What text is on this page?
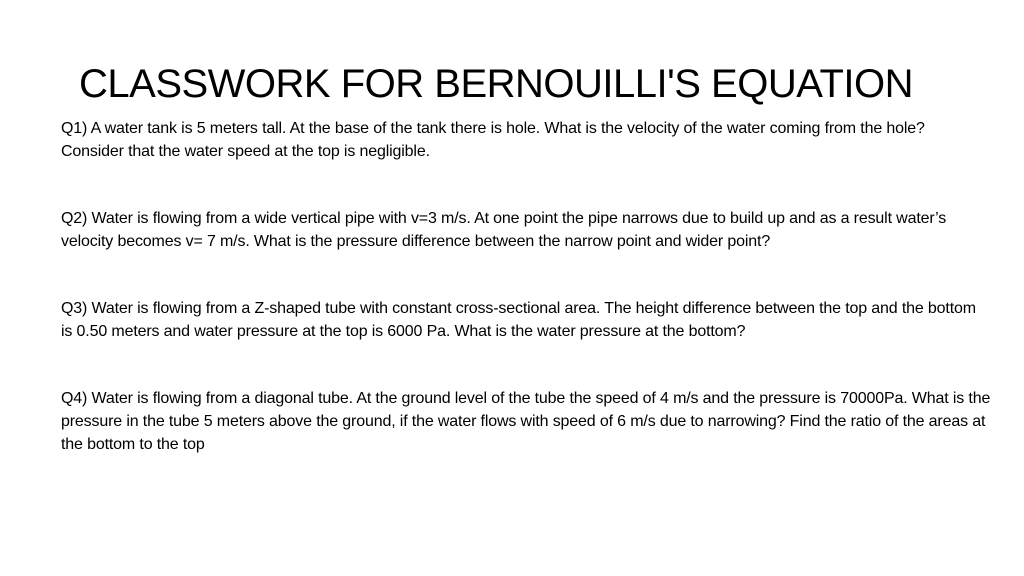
CLASSWORK FOR BERNOUILLI'S EQUATION

Q1) A water tank is 5 meters tall. At the base of the tank there is hole. What is the velocity of the water coming from the hole? Consider that the water speed at the top is negligible.

Q2) Water is flowing from a wide vertical pipe with v=3 m/s. At one point the pipe narrows due to build up and as a result water’s velocity becomes v= 7 m/s. What is the pressure difference between the narrow point and wider point?

Q3) Water is flowing from a Z-shaped tube with constant cross-sectional area. The height difference between the top and the bottom is 0.50 meters and water pressure at the top is 6000 Pa. What is the water pressure at the bottom?

Q4) Water is flowing from a diagonal tube. At the ground level of the tube the speed of 4 m/s and the pressure is 70000Pa. What is the pressure in the tube 5 meters above the ground, if the water flows with speed of 6 m/s due to narrowing? Find the ratio of the areas at the bottom to the top
